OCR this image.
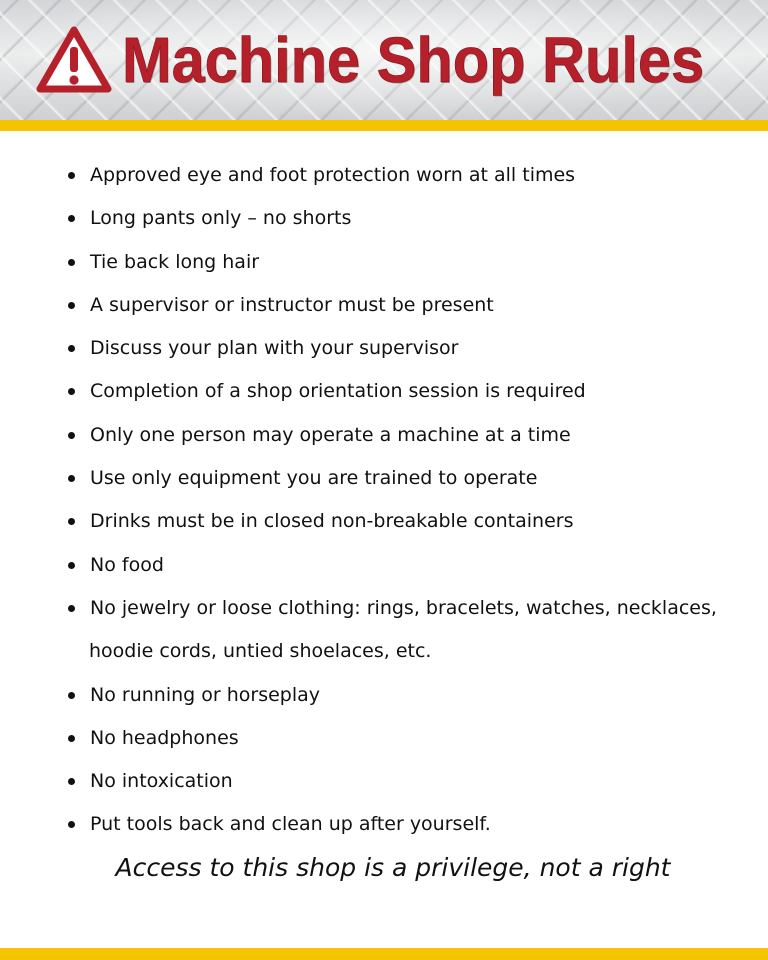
Machine Shop Rules
Approved eye and foot protection worn at all times
Long pants only – no shorts
Tie back long hair
A supervisor or instructor must be present
Discuss your plan with your supervisor
Completion of a shop orientation session is required
Only one person may operate a machine at a time
Use only equipment you are trained to operate
Drinks must be in closed non-breakable containers
No food
No jewelry or loose clothing: rings, bracelets, watches, necklaces,
hoodie cords, untied shoelaces, etc.
No running or horseplay
No headphones
No intoxication
Put tools back and clean up after yourself.
Access to this shop is a privilege, not a right
